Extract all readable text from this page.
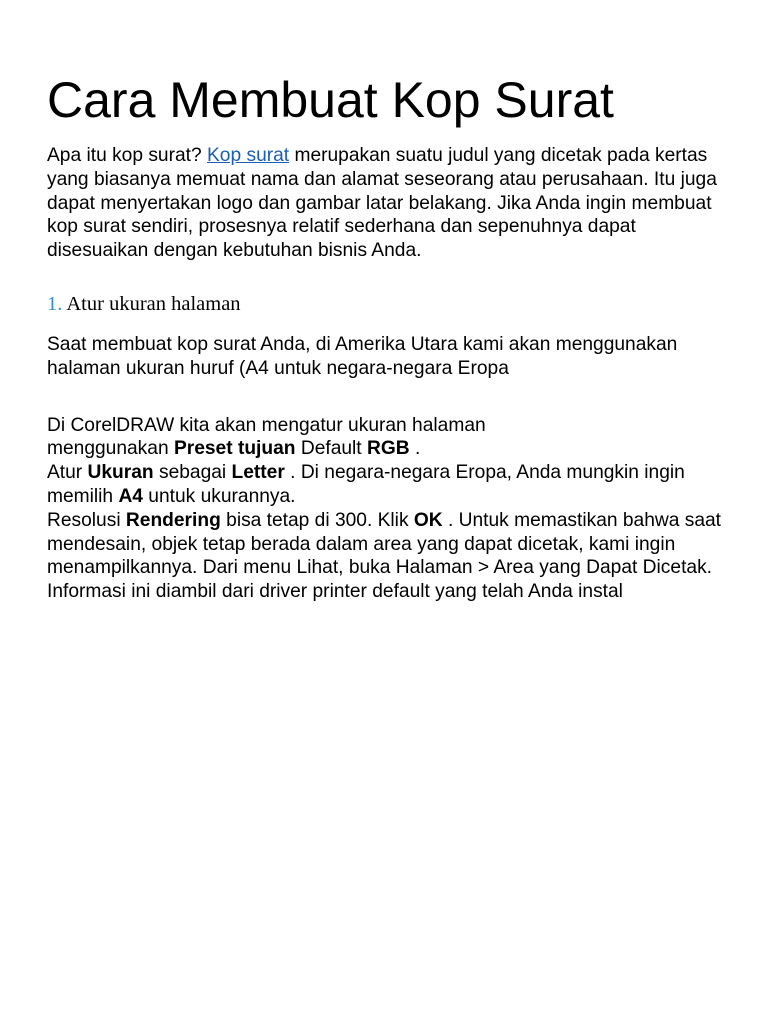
Cara Membuat Kop Surat

Apa itu kop surat? Kop surat merupakan suatu judul yang dicetak pada kertas yang biasanya memuat nama dan alamat seseorang atau perusahaan. Itu juga dapat menyertakan logo dan gambar latar belakang. Jika Anda ingin membuat kop surat sendiri, prosesnya relatif sederhana dan sepenuhnya dapat disesuaikan dengan kebutuhan bisnis Anda.

1. Atur ukuran halaman

Saat membuat kop surat Anda, di Amerika Utara kami akan menggunakan halaman ukuran huruf (A4 untuk negara-negara Eropa

Di CorelDRAW kita akan mengatur ukuran halaman
menggunakan Preset tujuan Default RGB .
Atur Ukuran sebagai Letter . Di negara-negara Eropa, Anda mungkin ingin memilih A4 untuk ukurannya.
Resolusi Rendering bisa tetap di 300. Klik OK . Untuk memastikan bahwa saat mendesain, objek tetap berada dalam area yang dapat dicetak, kami ingin menampilkannya. Dari menu Lihat, buka Halaman > Area yang Dapat Dicetak. Informasi ini diambil dari driver printer default yang telah Anda instal
